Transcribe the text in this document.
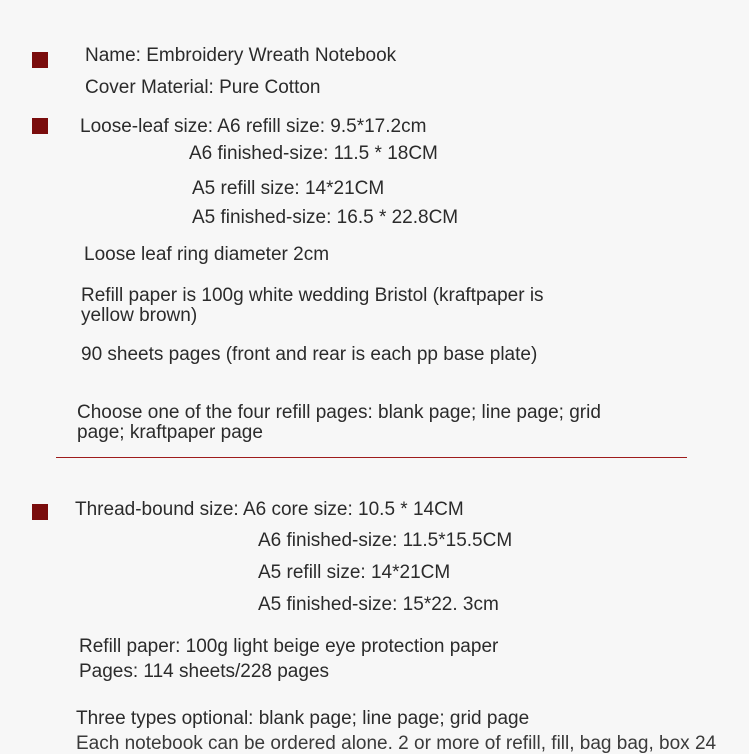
Name: Embroidery Wreath Notebook
Cover Material: Pure Cotton
Loose-leaf size: A6 refill size: 9.5*17.2cm
A6 finished-size: 11.5 * 18CM
A5 refill size: 14*21CM
A5 finished-size: 16.5 * 22.8CM
Loose leaf ring diameter 2cm
Refill paper is 100g white wedding Bristol (kraftpaper is
yellow brown)
90 sheets pages (front and rear is each pp base plate)
Choose one of the four refill pages: blank page; line page; grid
page; kraftpaper page
Thread-bound size: A6 core size: 10.5 * 14CM
A6 finished-size: 11.5*15.5CM
A5 refill size: 14*21CM
A5 finished-size: 15*22. 3cm
Refill paper: 100g light beige eye protection paper
Pages: 114 sheets/228 pages
Three types optional: blank page; line page; grid page
Each notebook can be ordered alone. 2 or more of refill, fill, bag bag, box 24
